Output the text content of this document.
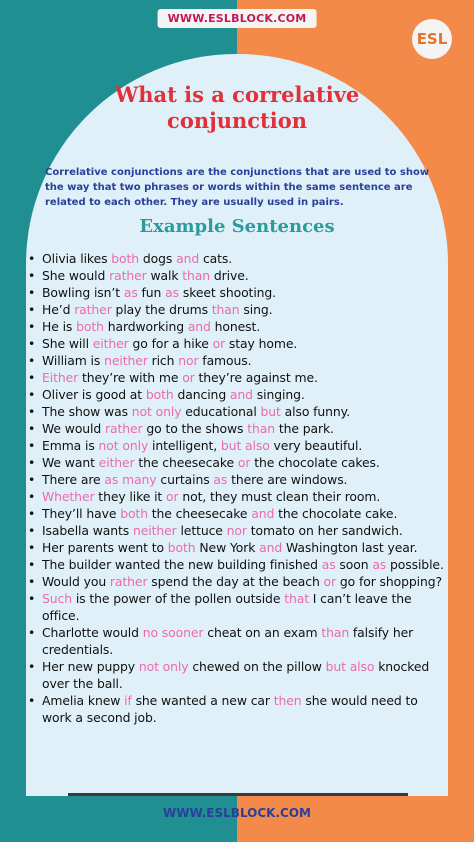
WWW.ESLBLOCK.COM
ESL
What is a correlative
conjunction

Correlative conjunctions are the conjunctions that are used to show the way that two phrases or words within the same sentence are related to each other. They are usually used in pairs.

Example Sentences
• Olivia likes both dogs and cats.
• She would rather walk than drive.
• Bowling isn’t as fun as skeet shooting.
• He’d rather play the drums than sing.
• He is both hardworking and honest.
• She will either go for a hike or stay home.
• William is neither rich nor famous.
• Either they’re with me or they’re against me.
• Oliver is good at both dancing and singing.
• The show was not only educational but also funny.
• We would rather go to the shows than the park.
• Emma is not only intelligent, but also very beautiful.
• We want either the cheesecake or the chocolate cakes.
• There are as many curtains as there are windows.
• Whether they like it or not, they must clean their room.
• They’ll have both the cheesecake and the chocolate cake.
• Isabella wants neither lettuce nor tomato on her sandwich.
• Her parents went to both New York and Washington last year.
• The builder wanted the new building finished as soon as possible.
• Would you rather spend the day at the beach or go for shopping?
• Such is the power of the pollen outside that I can’t leave the office.
• Charlotte would no sooner cheat on an exam than falsify her credentials.
• Her new puppy not only chewed on the pillow but also knocked over the ball.
• Amelia knew if she wanted a new car then she would need to work a second job.

WWW.ESLBLOCK.COM
